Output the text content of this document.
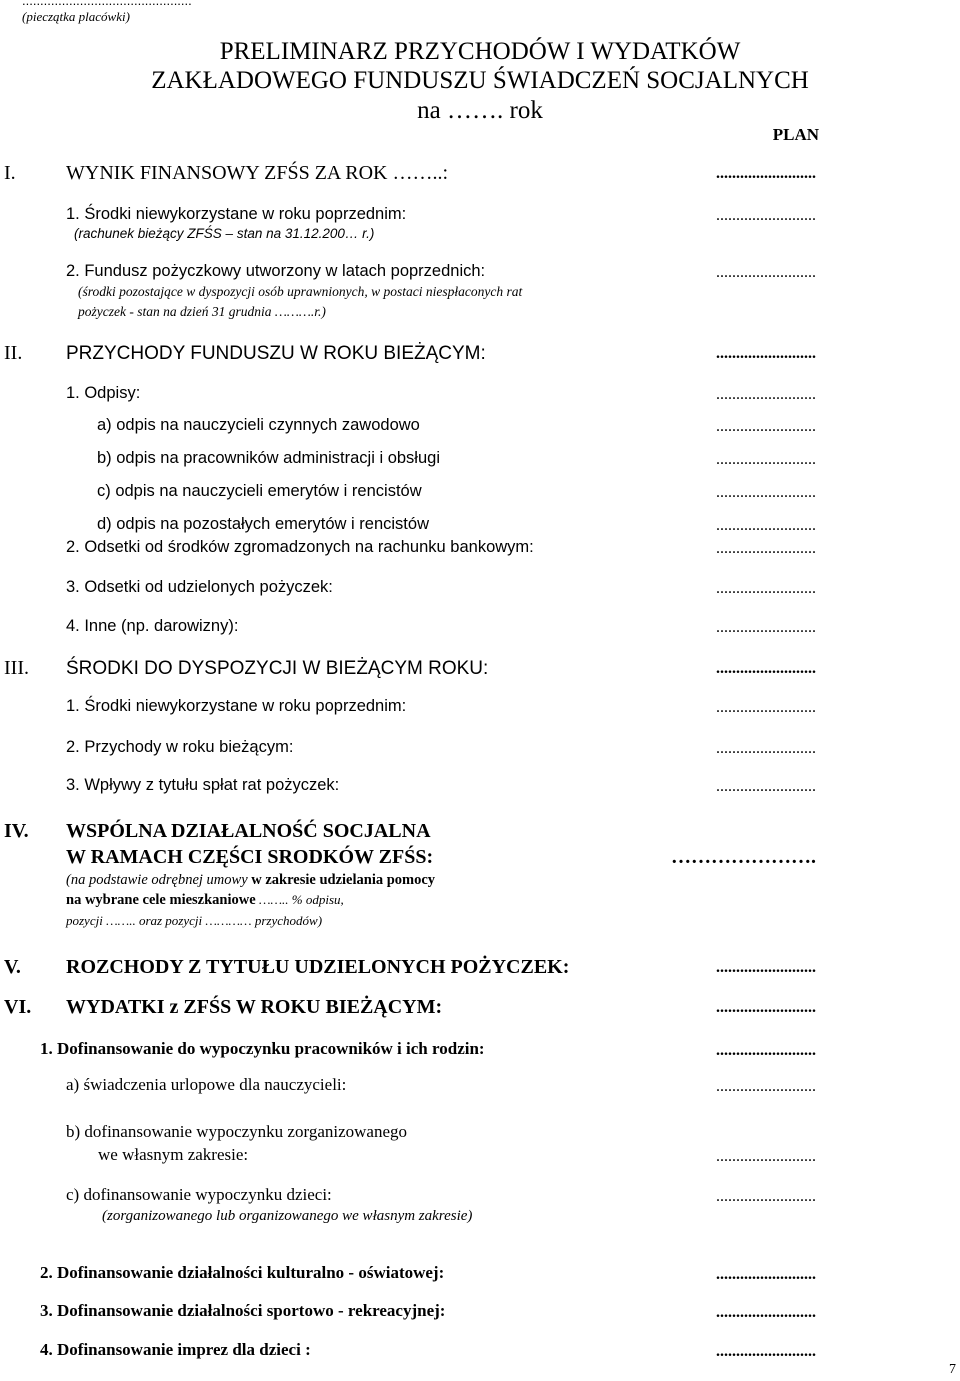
...............................................
(pieczątka placówki)
PRELIMINARZ PRZYCHODÓW I WYDATKÓW
ZAKŁADOWEGO FUNDUSZU ŚWIADCZEŃ SOCJALNYCH
na ……. rok
PLAN
I.	WYNIK FINANSOWY ZFŚS ZA ROK ……..:	.........................
1. Środki niewykorzystane w roku poprzednim:	.........................
(rachunek bieżący ZFŚS – stan na 31.12.200… r.)
2. Fundusz pożyczkowy utworzony w latach poprzednich:	.........................
(środki pozostające w dyspozycji osób uprawnionych, w postaci niespłaconych rat
pożyczek - stan na dzień 31 grudnia ……….r.)
II. PRZYCHODY FUNDUSZU W ROKU BIEŻĄCYM:	.........................
1. Odpisy:	.........................
a) odpis na nauczycieli czynnych zawodowo	.........................
b) odpis na pracowników administracji i obsługi	.........................
c) odpis na nauczycieli emerytów i rencistów	.........................
d) odpis na pozostałych emerytów i rencistów	.........................
2. Odsetki od środków zgromadzonych na rachunku bankowym:	.........................
3. Odsetki od udzielonych pożyczek:	.........................
4. Inne (np. darowizny):	.........................
III. ŚRODKI DO DYSPOZYCJI W BIEŻĄCYM ROKU:	.........................
1. Środki niewykorzystane w roku poprzednim:	.........................
2. Przychody w roku bieżącym:	.........................
3. Wpływy z tytułu spłat rat pożyczek:	.........................
IV. WSPÓLNA DZIAŁALNOŚĆ SOCJALNA
W RAMACH CZĘŚCI SRODKÓW ZFŚS:	………………….
(na podstawie odrębnej umowy w zakresie udzielania pomocy
na wybrane cele mieszkaniowe …….. % odpisu,
pozycji …….. oraz pozycji ………… przychodów)
V. ROZCHODY Z TYTUŁU UDZIELONYCH POŻYCZEK:	.........................
VI. WYDATKI z ZFŚS W ROKU BIEŻĄCYM:	.........................
1. Dofinansowanie do wypoczynku pracowników i ich rodzin:	.........................
a) świadczenia urlopowe dla nauczycieli:	.........................
b) dofinansowanie wypoczynku zorganizowanego
we własnym zakresie:	.........................
c) dofinansowanie wypoczynku dzieci:	.........................
(zorganizowanego lub organizowanego we własnym zakresie)
2. Dofinansowanie działalności kulturalno - oświatowej:	.........................
3. Dofinansowanie działalności sportowo - rekreacyjnej:	.........................
4. Dofinansowanie imprez dla dzieci :	.........................
7
